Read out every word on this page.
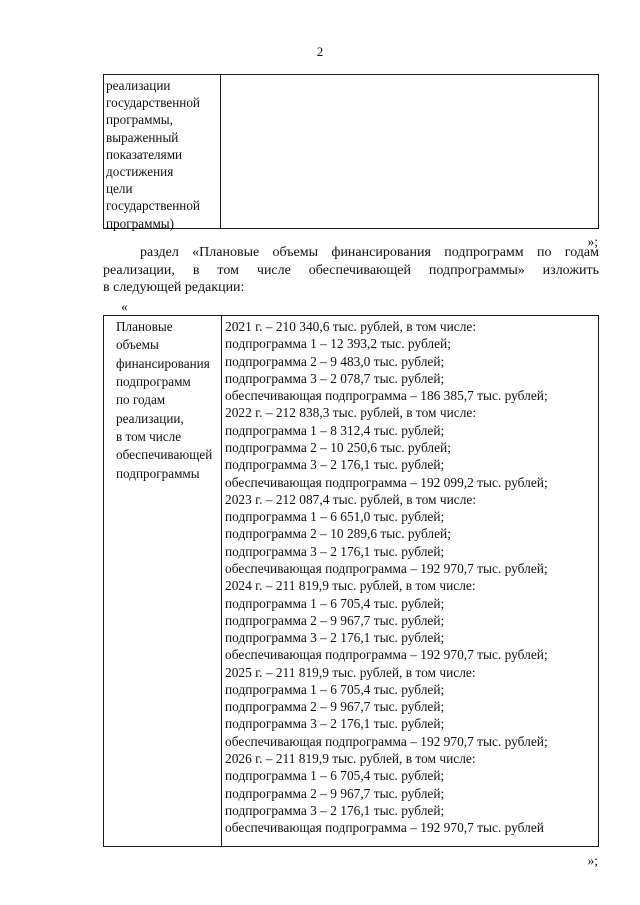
2
реализации
государственной
программы,
выраженный
показателями
достижения
цели
государственной
программы)
»;
раздел «Плановые объемы финансирования подпрограмм по годам
реализации, в том числе обеспечивающей подпрограммы» изложить
в следующей редакции:
«
Плановые
объемы
финансирования
подпрограмм
по годам
реализации,
в том числе
обеспечивающей
подпрограммы
2021 г. – 210 340,6 тыс. рублей, в том числе:
подпрограмма 1 – 12 393,2 тыс. рублей;
подпрограмма 2 – 9 483,0 тыс. рублей;
подпрограмма 3 – 2 078,7 тыс. рублей;
обеспечивающая подпрограмма – 186 385,7 тыс. рублей;
2022 г. – 212 838,3 тыс. рублей, в том числе:
подпрограмма 1 – 8 312,4 тыс. рублей;
подпрограмма 2 – 10 250,6 тыс. рублей;
подпрограмма 3 – 2 176,1 тыс. рублей;
обеспечивающая подпрограмма – 192 099,2 тыс. рублей;
2023 г. – 212 087,4 тыс. рублей, в том числе:
подпрограмма 1 – 6 651,0 тыс. рублей;
подпрограмма 2 – 10 289,6 тыс. рублей;
подпрограмма 3 – 2 176,1 тыс. рублей;
обеспечивающая подпрограмма – 192 970,7 тыс. рублей;
2024 г. – 211 819,9 тыс. рублей, в том числе:
подпрограмма 1 – 6 705,4 тыс. рублей;
подпрограмма 2 – 9 967,7 тыс. рублей;
подпрограмма 3 – 2 176,1 тыс. рублей;
обеспечивающая подпрограмма – 192 970,7 тыс. рублей;
2025 г. – 211 819,9 тыс. рублей, в том числе:
подпрограмма 1 – 6 705,4 тыс. рублей;
подпрограмма 2 – 9 967,7 тыс. рублей;
подпрограмма 3 – 2 176,1 тыс. рублей;
обеспечивающая подпрограмма – 192 970,7 тыс. рублей;
2026 г. – 211 819,9 тыс. рублей, в том числе:
подпрограмма 1 – 6 705,4 тыс. рублей;
подпрограмма 2 – 9 967,7 тыс. рублей;
подпрограмма 3 – 2 176,1 тыс. рублей;
обеспечивающая подпрограмма – 192 970,7 тыс. рублей
»;
